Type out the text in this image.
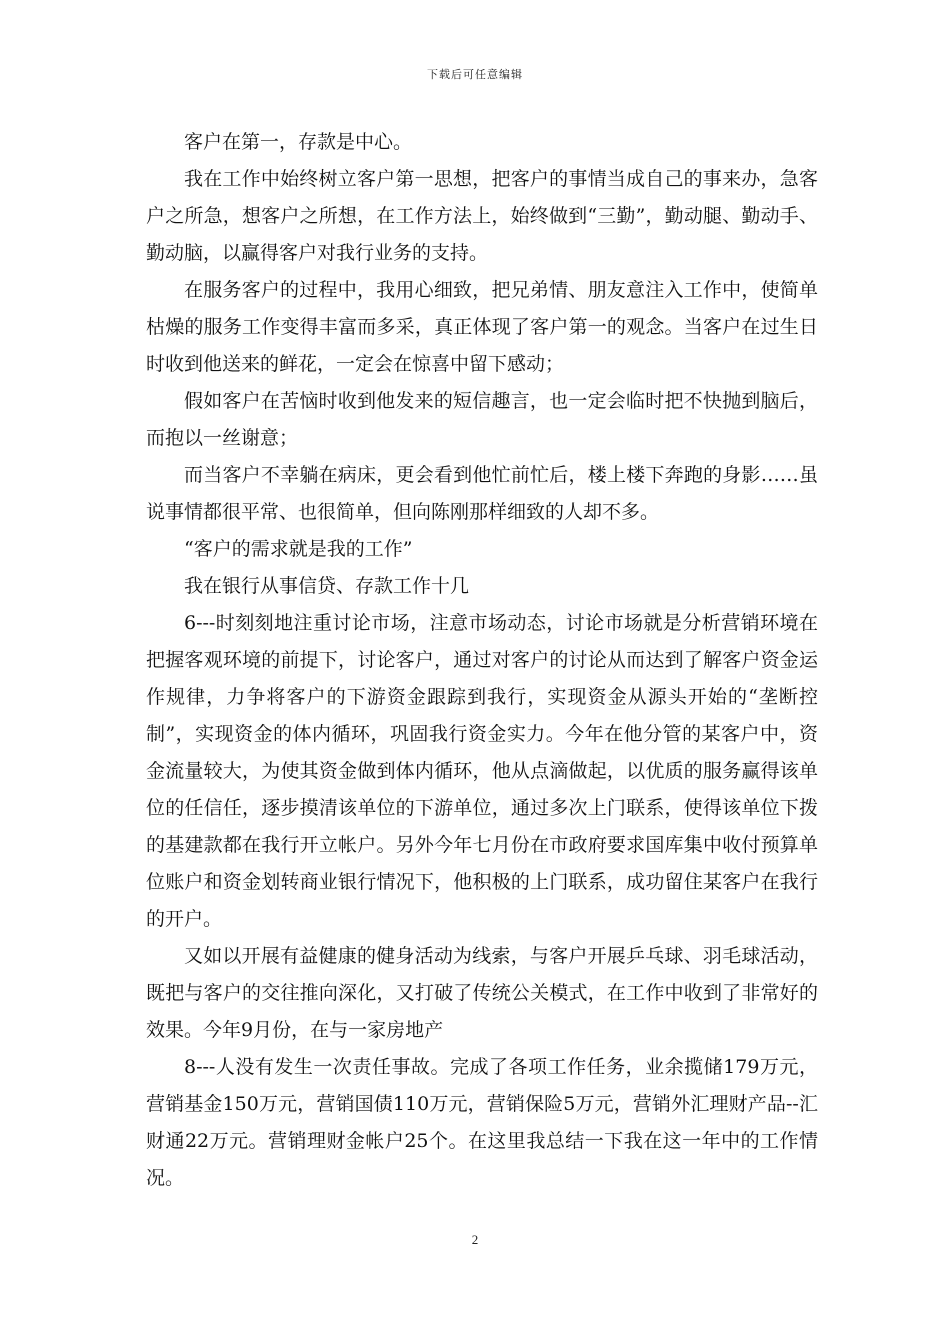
下载后可任意编辑

客户在第一，存款是中心。

我在工作中始终树立客户第一思想，把客户的事情当成自己的事来办，急客户之所急，想客户之所想，在工作方法上，始终做到“三勤”，勤动腿、勤动手、勤动脑，以赢得客户对我行业务的支持。

在服务客户的过程中，我用心细致，把兄弟情、朋友意注入工作中，使简单枯燥的服务工作变得丰富而多采，真正体现了客户第一的观念。当客户在过生日时收到他送来的鲜花，一定会在惊喜中留下感动；

假如客户在苦恼时收到他发来的短信趣言，也一定会临时把不快抛到脑后，而抱以一丝谢意；

而当客户不幸躺在病床，更会看到他忙前忙后，楼上楼下奔跑的身影……虽说事情都很平常、也很简单，但向陈刚那样细致的人却不多。

“客户的需求就是我的工作”

我在银行从事信贷、存款工作十几

6---时刻刻地注重讨论市场，注意市场动态，讨论市场就是分析营销环境在把握客观环境的前提下，讨论客户，通过对客户的讨论从而达到了解客户资金运作规律，力争将客户的下游资金跟踪到我行，实现资金从源头开始的“垄断控制”，实现资金的体内循环，巩固我行资金实力。今年在他分管的某客户中，资金流量较大，为使其资金做到体内循环，他从点滴做起，以优质的服务赢得该单位的任信任，逐步摸清该单位的下游单位，通过多次上门联系，使得该单位下拨的基建款都在我行开立帐户。另外今年七月份在市政府要求国库集中收付预算单位账户和资金划转商业银行情况下，他积极的上门联系，成功留住某客户在我行的开户。

又如以开展有益健康的健身活动为线索，与客户开展乒乓球、羽毛球活动，既把与客户的交往推向深化，又打破了传统公关模式，在工作中收到了非常好的效果。今年9月份，在与一家房地产

8---人没有发生一次责任事故。完成了各项工作任务，业余揽储179万元，营销基金150万元，营销国债110万元，营销保险5万元，营销外汇理财产品--汇财通22万元。营销理财金帐户25个。在这里我总结一下我在这一年中的工作情况。

2
